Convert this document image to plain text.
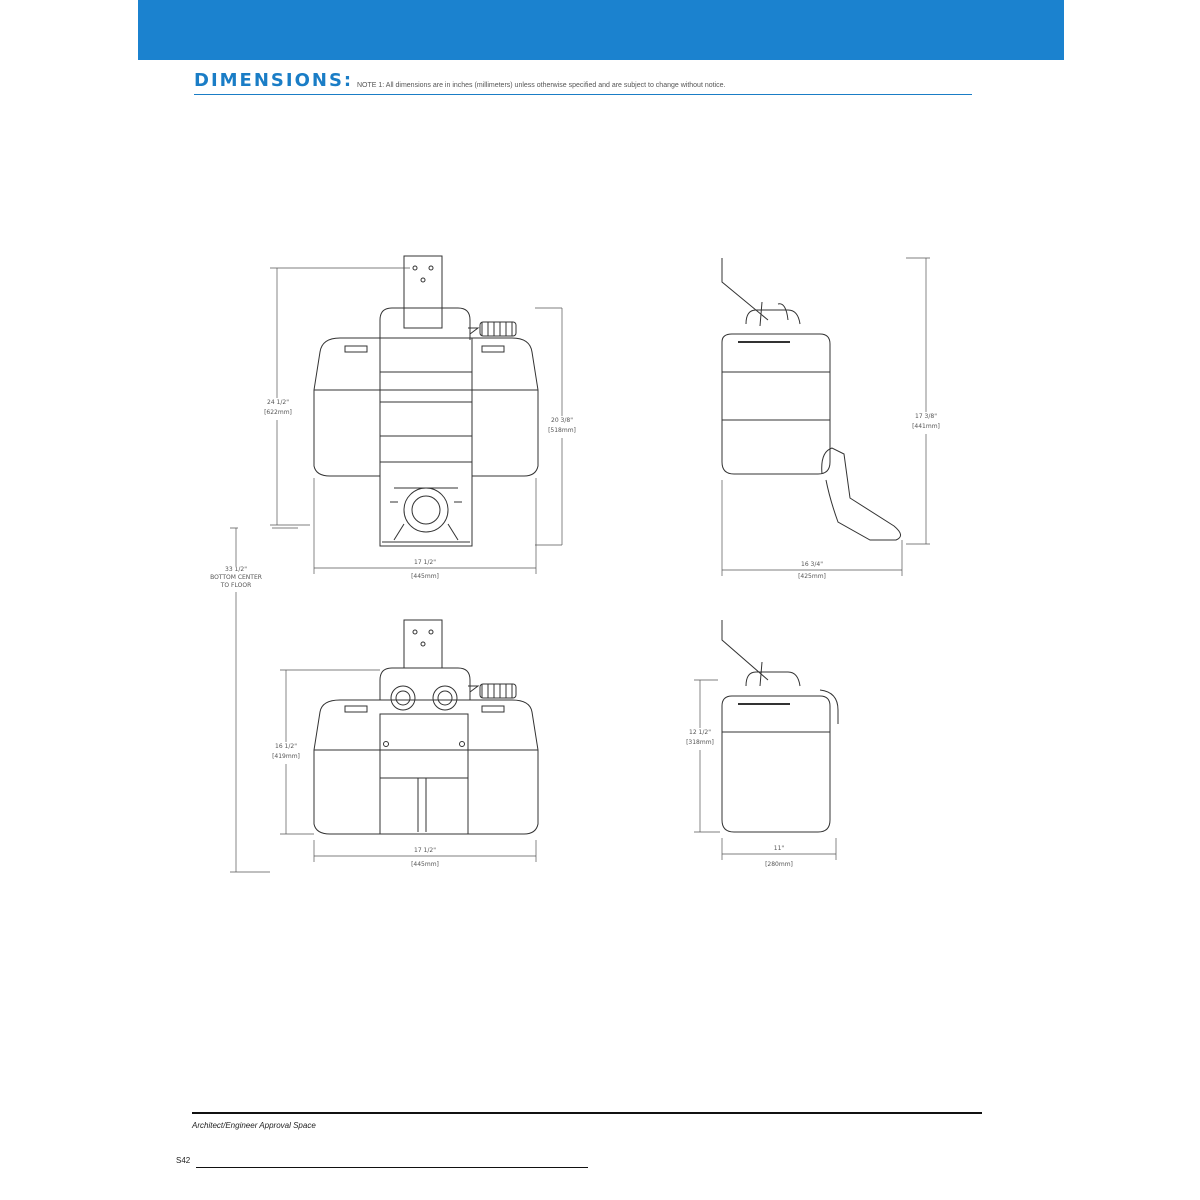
DIMENSIONS: NOTE 1: All dimensions are in inches (millimeters) unless otherwise specified and are subject to change without notice.
24 1/2"
[622mm]
20 3/8"
[518mm]
17 1/2"
[445mm]
17 3/8"
[441mm]
16 3/4"
[425mm]
33 1/2"
BOTTOM CENTER
TO FLOOR
16 1/2"
[419mm]
17 1/2"
[445mm]
12 1/2"
[318mm]
11"
[280mm]
Architect/Engineer Approval Space
S42
